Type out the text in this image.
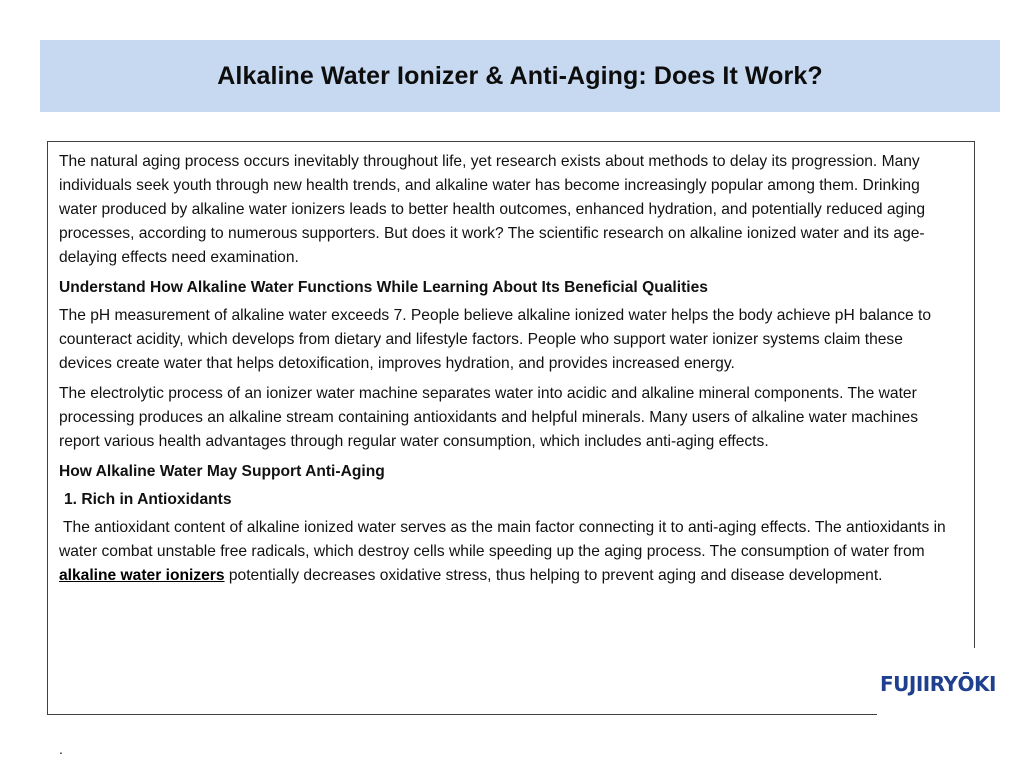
Alkaline Water Ionizer & Anti-Aging: Does It Work?

The natural aging process occurs inevitably throughout life, yet research exists about methods to delay its progression. Many individuals seek youth through new health trends, and alkaline water has become increasingly popular among them. Drinking water produced by alkaline water ionizers leads to better health outcomes, enhanced hydration, and potentially reduced aging processes, according to numerous supporters. But does it work? The scientific research on alkaline ionized water and its age-delaying effects need examination.

Understand How Alkaline Water Functions While Learning About Its Beneficial Qualities

The pH measurement of alkaline water exceeds 7. People believe alkaline ionized water helps the body achieve pH balance to counteract acidity, which develops from dietary and lifestyle factors. People who support water ionizer systems claim these devices create water that helps detoxification, improves hydration, and provides increased energy.

The electrolytic process of an ionizer water machine separates water into acidic and alkaline mineral components. The water processing produces an alkaline stream containing antioxidants and helpful minerals. Many users of alkaline water machines report various health advantages through regular water consumption, which includes anti-aging effects.

How Alkaline Water May Support Anti-Aging

1. Rich in Antioxidants

The antioxidant content of alkaline ionized water serves as the main factor connecting it to anti-aging effects. The antioxidants in water combat unstable free radicals, which destroy cells while speeding up the aging process. The consumption of water from alkaline water ionizers potentially decreases oxidative stress, thus helping to prevent aging and disease development.

FUJIIRYŌKI
.
